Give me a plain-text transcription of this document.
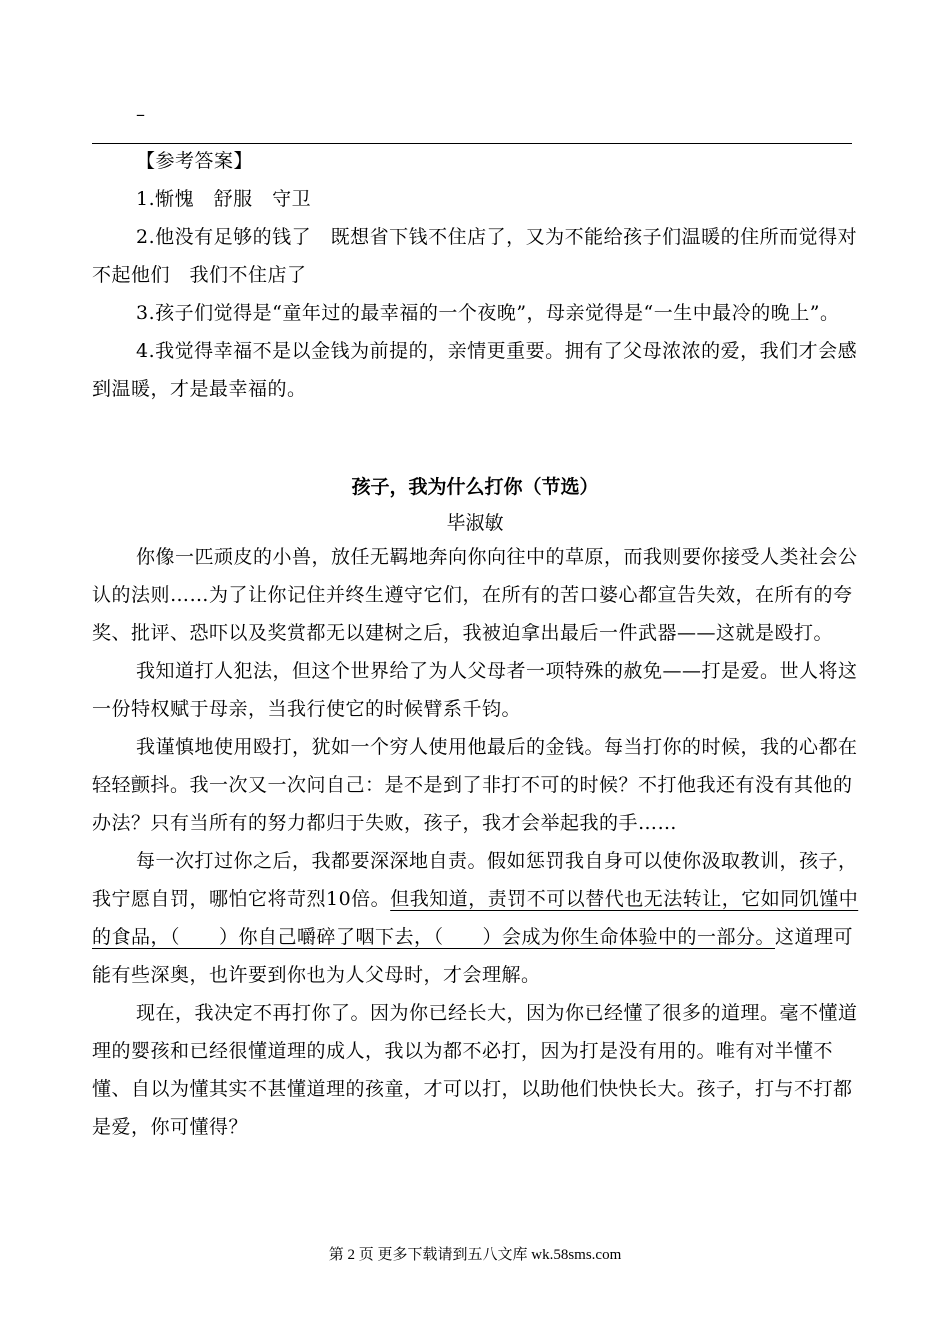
–

【参考答案】

1.惭愧　舒服　守卫

2.他没有足够的钱了　既想省下钱不住店了，又为不能给孩子们温暖的住所而觉得对不起他们　我们不住店了

3.孩子们觉得是“童年过的最幸福的一个夜晚”，母亲觉得是“一生中最冷的晚上”。

4.我觉得幸福不是以金钱为前提的，亲情更重要。拥有了父母浓浓的爱，我们才会感到温暖，才是最幸福的。

孩子，我为什么打你（节选）
毕淑敏

你像一匹顽皮的小兽，放任无羁地奔向你向往中的草原，而我则要你接受人类社会公认的法则……为了让你记住并终生遵守它们，在所有的苦口婆心都宣告失效，在所有的夸奖、批评、恐吓以及奖赏都无以建树之后，我被迫拿出最后一件武器——这就是殴打。

我知道打人犯法，但这个世界给了为人父母者一项特殊的赦免——打是爱。世人将这一份特权赋于母亲，当我行使它的时候臂系千钧。

我谨慎地使用殴打，犹如一个穷人使用他最后的金钱。每当打你的时候，我的心都在轻轻颤抖。我一次又一次问自己：是不是到了非打不可的时候？不打他我还有没有其他的办法？只有当所有的努力都归于失败，孩子，我才会举起我的手……

每一次打过你之后，我都要深深地自责。假如惩罚我自身可以使你汲取教训，孩子，我宁愿自罚，哪怕它将苛烈10倍。但我知道，责罚不可以替代也无法转让，它如同饥馑中的食品，（　　）你自己嚼碎了咽下去，（　　）会成为你生命体验中的一部分。这道理可能有些深奥，也许要到你也为人父母时，才会理解。

现在，我决定不再打你了。因为你已经长大，因为你已经懂了很多的道理。毫不懂道理的婴孩和已经很懂道理的成人，我以为都不必打，因为打是没有用的。唯有对半懂不懂、自以为懂其实不甚懂道理的孩童，才可以打，以助他们快快长大。孩子，打与不打都是爱，你可懂得？

第 2 页 更多下载请到五八文库 wk.58sms.com
